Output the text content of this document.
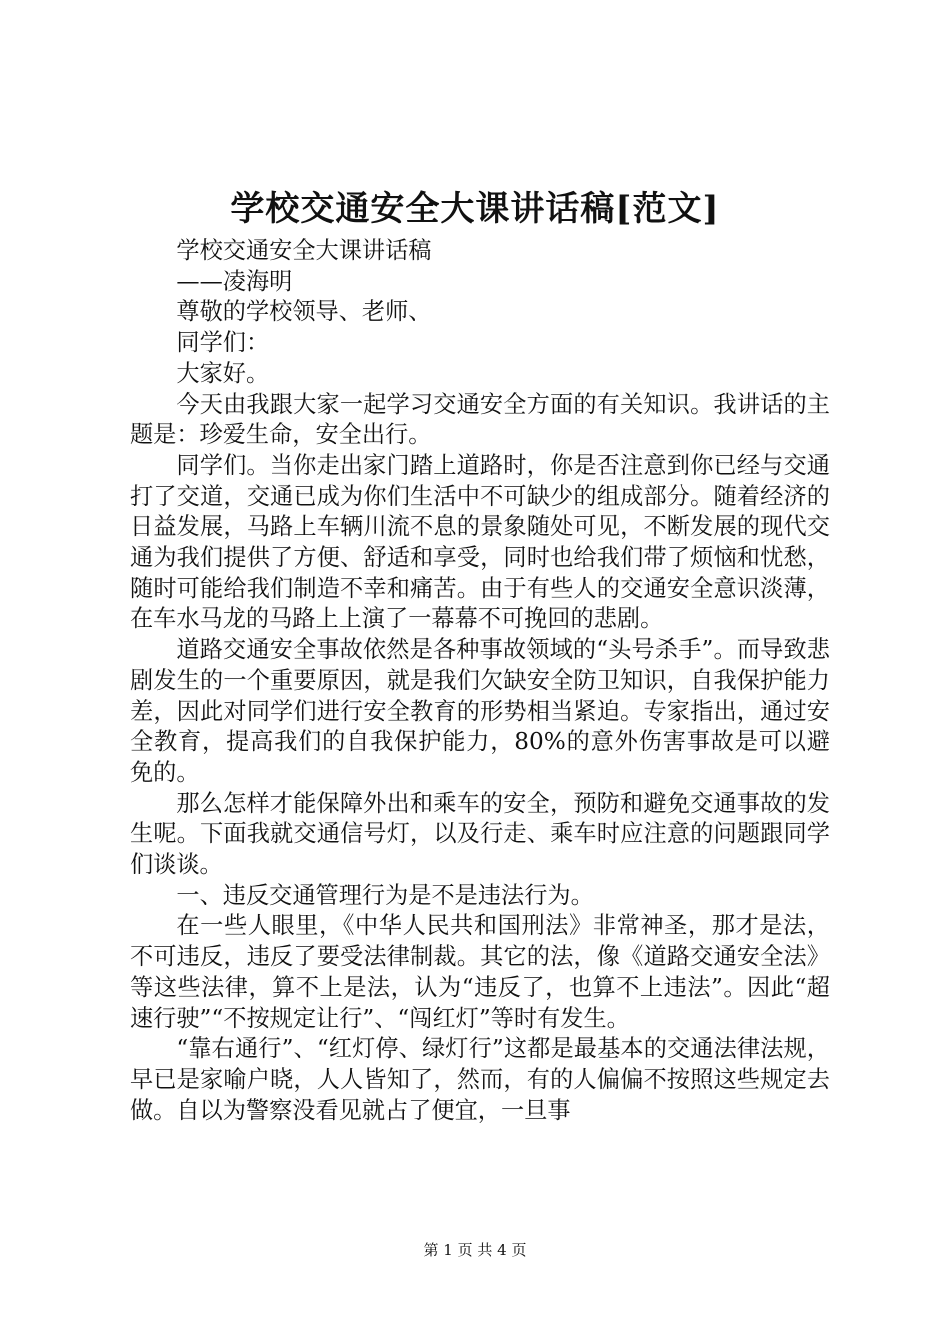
学校交通安全大课讲话稿[范文]

学校交通安全大课讲话稿

——凌海明

尊敬的学校领导、老师、

同学们：

大家好。

今天由我跟大家一起学习交通安全方面的有关知识。我讲话的主题是：珍爱生命，安全出行。

同学们。当你走出家门踏上道路时，你是否注意到你已经与交通打了交道，交通已成为你们生活中不可缺少的组成部分。随着经济的日益发展，马路上车辆川流不息的景象随处可见，不断发展的现代交通为我们提供了方便、舒适和享受，同时也给我们带了烦恼和忧愁，随时可能给我们制造不幸和痛苦。由于有些人的交通安全意识淡薄，在车水马龙的马路上上演了一幕幕不可挽回的悲剧。

道路交通安全事故依然是各种事故领域的“头号杀手”。而导致悲剧发生的一个重要原因，就是我们欠缺安全防卫知识，自我保护能力差，因此对同学们进行安全教育的形势相当紧迫。专家指出，通过安全教育，提高我们的自我保护能力，80%的意外伤害事故是可以避免的。

那么怎样才能保障外出和乘车的安全，预防和避免交通事故的发生呢。下面我就交通信号灯，以及行走、乘车时应注意的问题跟同学们谈谈。

一、违反交通管理行为是不是违法行为。

在一些人眼里，《中华人民共和国刑法》非常神圣，那才是法，不可违反，违反了要受法律制裁。其它的法，像《道路交通安全法》等这些法律，算不上是法，认为“违反了，也算不上违法”。因此“超速行驶”“不按规定让行”、“闯红灯”等时有发生。

“靠右通行”、“红灯停、绿灯行”这都是最基本的交通法律法规，早已是家喻户晓，人人皆知了，然而，有的人偏偏不按照这些规定去做。自以为警察没看见就占了便宜，一旦事

第 1 页 共 4 页
